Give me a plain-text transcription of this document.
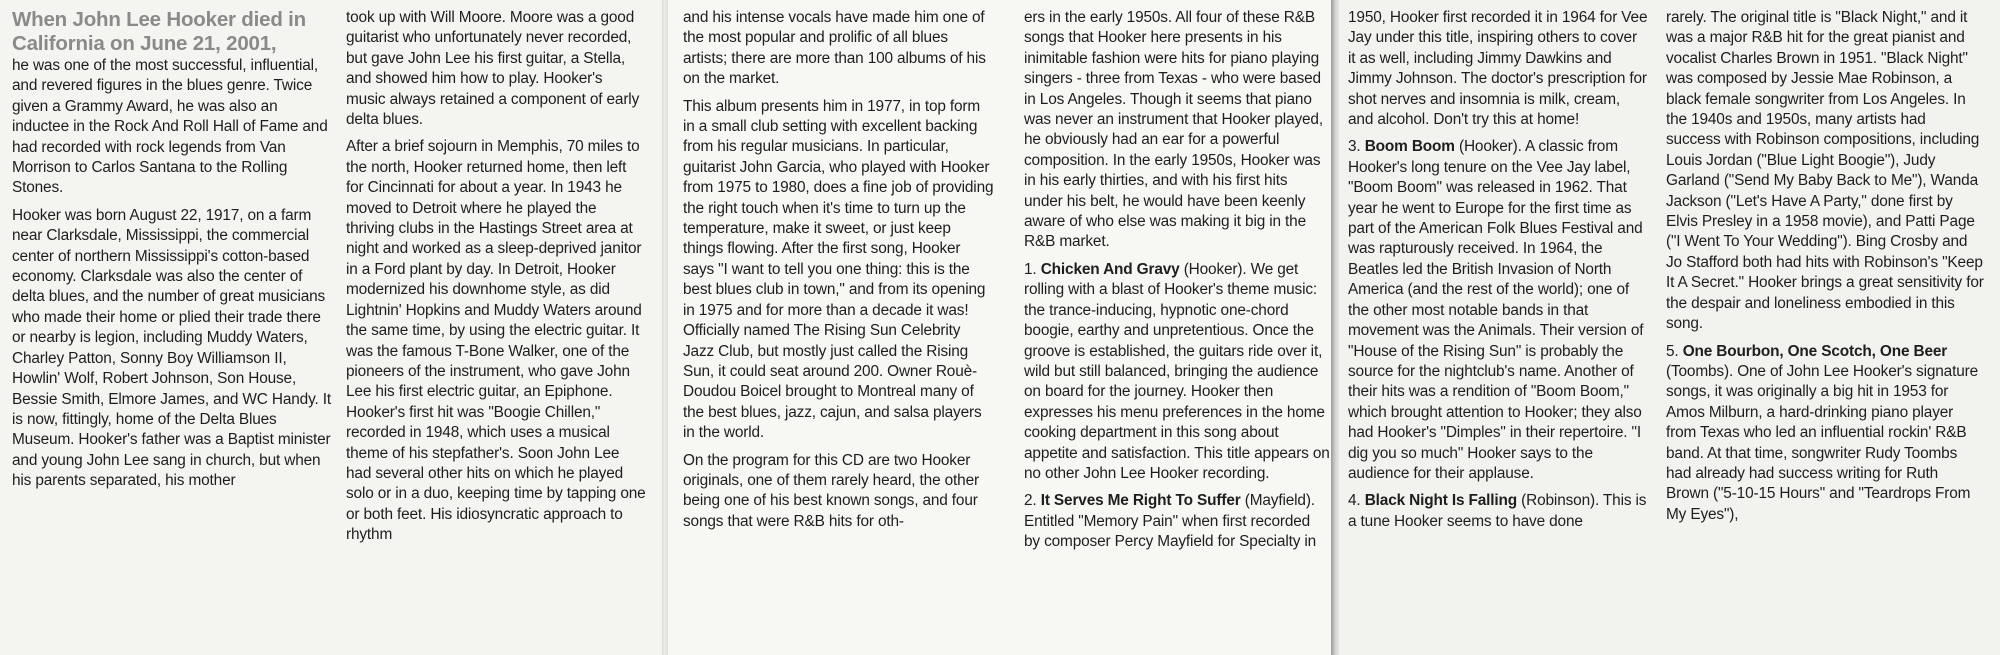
When John Lee Hooker died in California on June 21, 2001,

he was one of the most successful, influential, and revered figures in the blues genre. Twice given a Grammy Award, he was also an inductee in the Rock And Roll Hall of Fame and had recorded with rock legends from Van Morrison to Carlos Santana to the Rolling Stones.

Hooker was born August 22, 1917, on a farm near Clarksdale, Mississippi, the commercial center of northern Mississippi's cotton-based economy. Clarksdale was also the center of delta blues, and the number of great musicians who made their home or plied their trade there or nearby is legion, including Muddy Waters, Charley Patton, Sonny Boy Williamson II, Howlin' Wolf, Robert Johnson, Son House, Bessie Smith, Elmore James, and WC Handy. It is now, fittingly, home of the Delta Blues Museum. Hooker's father was a Baptist minister and young John Lee sang in church, but when his parents separated, his mother

took up with Will Moore. Moore was a good guitarist who unfortunately never recorded, but gave John Lee his first guitar, a Stella, and showed him how to play. Hooker's music always retained a component of early delta blues.

After a brief sojourn in Memphis, 70 miles to the north, Hooker returned home, then left for Cincinnati for about a year. In 1943 he moved to Detroit where he played the thriving clubs in the Hastings Street area at night and worked as a sleep-deprived janitor in a Ford plant by day. In Detroit, Hooker modernized his downhome style, as did Lightnin' Hopkins and Muddy Waters around the same time, by using the electric guitar. It was the famous T-Bone Walker, one of the pioneers of the instrument, who gave John Lee his first electric guitar, an Epiphone. Hooker's first hit was "Boogie Chillen," recorded in 1948, which uses a musical theme of his stepfather's. Soon John Lee had several other hits on which he played solo or in a duo, keeping time by tapping one or both feet. His idiosyncratic approach to rhythm

and his intense vocals have made him one of the most popular and prolific of all blues artists; there are more than 100 albums of his on the market.

This album presents him in 1977, in top form in a small club setting with excellent backing from his regular musicians. In particular, guitarist John Garcia, who played with Hooker from 1975 to 1980, does a fine job of providing the right touch when it's time to turn up the temperature, make it sweet, or just keep things flowing. After the first song, Hooker says "I want to tell you one thing: this is the best blues club in town," and from its opening in 1975 and for more than a decade it was! Officially named The Rising Sun Celebrity Jazz Club, but mostly just called the Rising Sun, it could seat around 200. Owner Rouè-Doudou Boicel brought to Montreal many of the best blues, jazz, cajun, and salsa players in the world.

On the program for this CD are two Hooker originals, one of them rarely heard, the other being one of his best known songs, and four songs that were R&B hits for oth-

ers in the early 1950s. All four of these R&B songs that Hooker here presents in his inimitable fashion were hits for piano playing singers - three from Texas - who were based in Los Angeles. Though it seems that piano was never an instrument that Hooker played, he obviously had an ear for a powerful composition. In the early 1950s, Hooker was in his early thirties, and with his first hits under his belt, he would have been keenly aware of who else was making it big in the R&B market.

1. Chicken And Gravy (Hooker). We get rolling with a blast of Hooker's theme music: the trance-inducing, hypnotic one-chord boogie, earthy and unpretentious. Once the groove is established, the guitars ride over it, wild but still balanced, bringing the audience on board for the journey. Hooker then expresses his menu preferences in the home cooking department in this song about appetite and satisfaction. This title appears on no other John Lee Hooker recording.

2. It Serves Me Right To Suffer (Mayfield). Entitled "Memory Pain" when first recorded by composer Percy Mayfield for Specialty in

1950, Hooker first recorded it in 1964 for Vee Jay under this title, inspiring others to cover it as well, including Jimmy Dawkins and Jimmy Johnson. The doctor's prescription for shot nerves and insomnia is milk, cream, and alcohol. Don't try this at home!

3. Boom Boom (Hooker). A classic from Hooker's long tenure on the Vee Jay label, "Boom Boom" was released in 1962. That year he went to Europe for the first time as part of the American Folk Blues Festival and was rapturously received. In 1964, the Beatles led the British Invasion of North America (and the rest of the world); one of the other most notable bands in that movement was the Animals. Their version of "House of the Rising Sun" is probably the source for the nightclub's name. Another of their hits was a rendition of "Boom Boom," which brought attention to Hooker; they also had Hooker's "Dimples" in their repertoire. "I dig you so much" Hooker says to the audience for their applause.

4. Black Night Is Falling (Robinson). This is a tune Hooker seems to have done

rarely. The original title is "Black Night," and it was a major R&B hit for the great pianist and vocalist Charles Brown in 1951. "Black Night" was composed by Jessie Mae Robinson, a black female songwriter from Los Angeles. In the 1940s and 1950s, many artists had success with Robinson compositions, including Louis Jordan ("Blue Light Boogie"), Judy Garland ("Send My Baby Back to Me"), Wanda Jackson ("Let's Have A Party," done first by Elvis Presley in a 1958 movie), and Patti Page ("I Went To Your Wedding"). Bing Crosby and Jo Stafford both had hits with Robinson's "Keep It A Secret." Hooker brings a great sensitivity for the despair and loneliness embodied in this song.

5. One Bourbon, One Scotch, One Beer (Toombs). One of John Lee Hooker's signature songs, it was originally a big hit in 1953 for Amos Milburn, a hard-drinking piano player from Texas who led an influential rockin' R&B band. At that time, songwriter Rudy Toombs had already had success writing for Ruth Brown ("5-10-15 Hours" and "Teardrops From My Eyes"),
